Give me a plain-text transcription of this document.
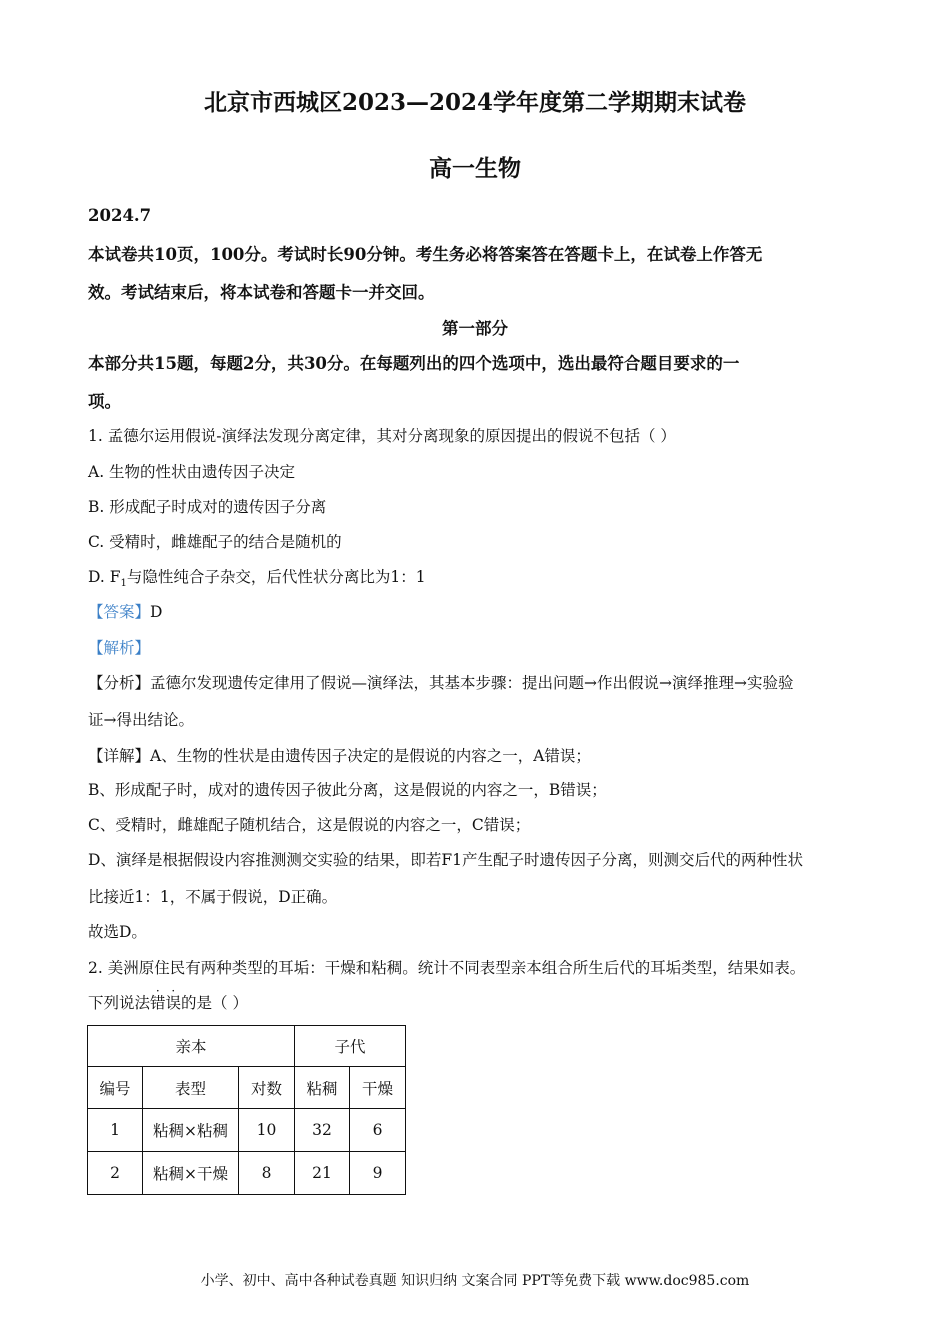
北京市西城区2023—2024学年度第二学期期末试卷
高一生物
2024.7
本试卷共10页，100分。考试时长90分钟。考生务必将答案答在答题卡上，在试卷上作答无
效。考试结束后，将本试卷和答题卡一并交回。
第一部分
本部分共15题，每题2分，共30分。在每题列出的四个选项中，选出最符合题目要求的一
项。
1. 孟德尔运用假说-演绎法发现分离定律，其对分离现象的原因提出的假说不包括（ ）
A. 生物的性状由遗传因子决定
B. 形成配子时成对的遗传因子分离
C. 受精时，雌雄配子的结合是随机的
D. $F_1$与隐性纯合子杂交，后代性状分离比为1：1
【答案】D
【解析】
【分析】孟德尔发现遗传定律用了假说—演绎法，其基本步骤：提出问题→作出假说→演绎推理→实验验
证→得出结论。
【详解】A、生物的性状是由遗传因子决定的是假说的内容之一，A错误；
B、形成配子时，成对的遗传因子彼此分离，这是假说的内容之一，B错误；
C、受精时，雌雄配子随机结合，这是假说的内容之一，C错误；
D、演绎是根据假设内容推测测交实验的结果，即若F1产生配子时遗传因子分离，则测交后代的两种性状
比接近1：1，不属于假说，D正确。
故选D。
2. 美洲原住民有两种类型的耳垢：干燥和粘稠。统计不同表型亲本组合所生后代的耳垢类型，结果如表。
下列说法
·
错
·
误的是（ ）
亲本			子代	
编号	表型	对数	粘稠	干燥
1	粘稠×粘稠	10	32	6
2	粘稠×干燥	8	21	9
小学、初中、高中各种试卷真题 知识归纳 文案合同 PPT等免费下载 www.doc985.com
